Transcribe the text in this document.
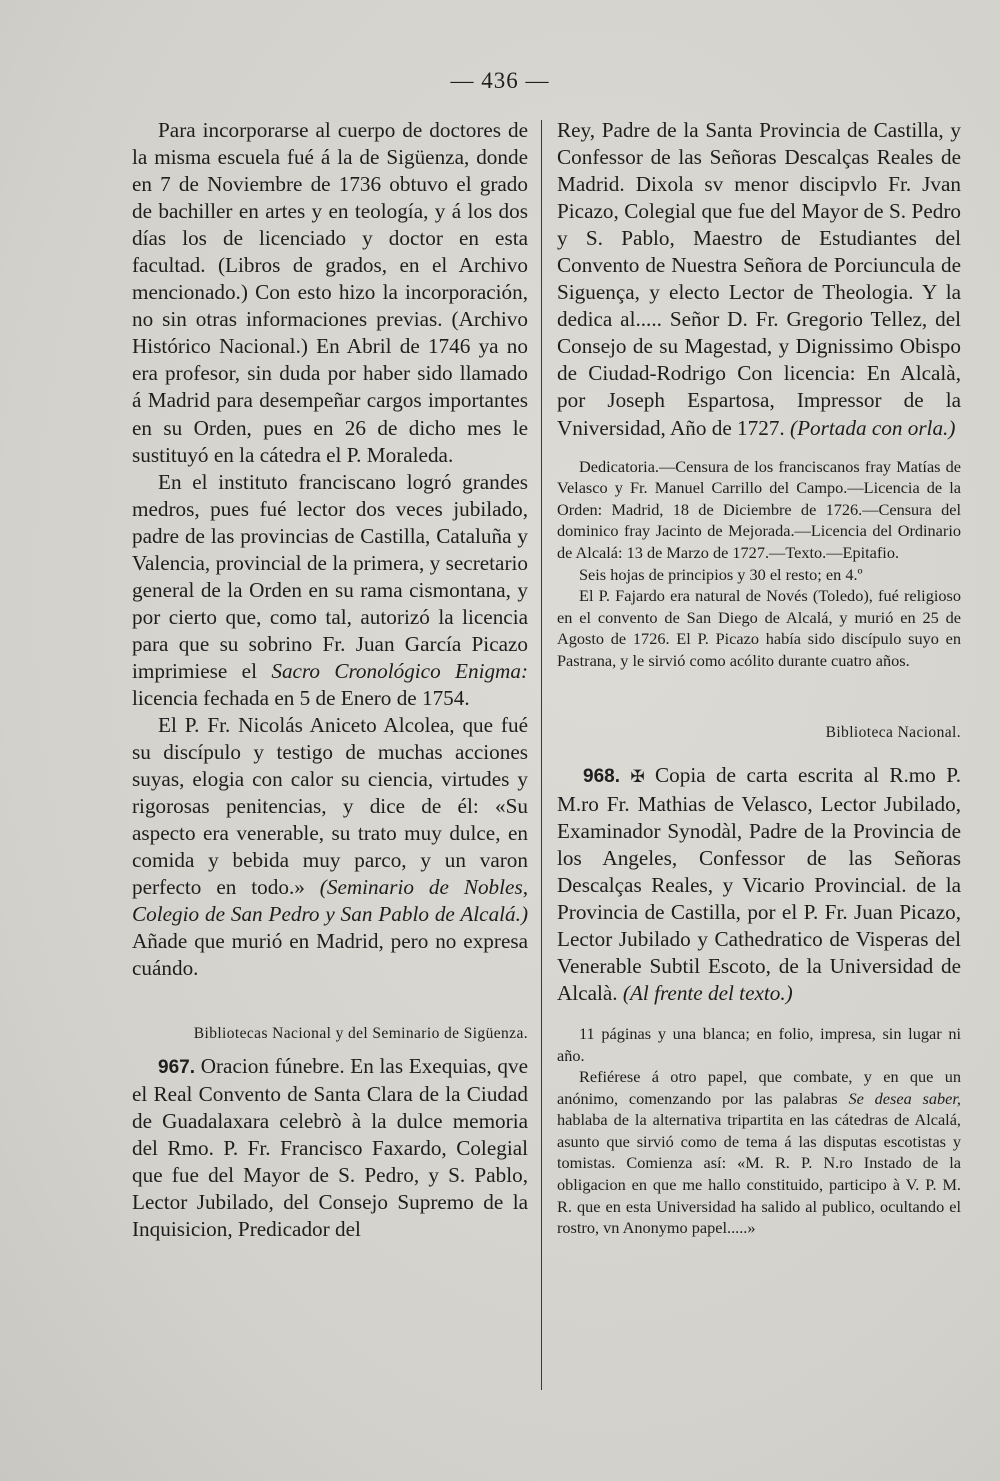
— 436 —

Para incorporarse al cuerpo de doctores de la misma escuela fué á la de Sigüenza, donde en 7 de Noviembre de 1736 obtuvo el grado de bachiller en artes y en teología, y á los dos días los de licenciado y doctor en esta facultad. (Libros de grados, en el Archivo mencionado.) Con esto hizo la incorporación, no sin otras informaciones previas. (Archivo Histórico Nacional.) En Abril de 1746 ya no era profesor, sin duda por haber sido llamado á Madrid para desempeñar cargos importantes en su Orden, pues en 26 de dicho mes le sustituyó en la cátedra el P. Moraleda.

En el instituto franciscano logró grandes medros, pues fué lector dos veces jubilado, padre de las provincias de Castilla, Cataluña y Valencia, provincial de la primera, y secretario general de la Orden en su rama cismontana, y por cierto que, como tal, autorizó la licencia para que su sobrino Fr. Juan García Picazo imprimiese el Sacro Cronológico Enigma: licencia fechada en 5 de Enero de 1754.

El P. Fr. Nicolás Aniceto Alcolea, que fué su discípulo y testigo de muchas acciones suyas, elogia con calor su ciencia, virtudes y rigorosas penitencias, y dice de él: «Su aspecto era venerable, su trato muy dulce, en comida y bebida muy parco, y un varon perfecto en todo.» (Seminario de Nobles, Colegio de San Pedro y San Pablo de Alcalá.) Añade que murió en Madrid, pero no expresa cuándo.

Bibliotecas Nacional y del Seminario de Sigüenza.

967. Oracion fúnebre. En las Exequias, qve el Real Convento de Santa Clara de la Ciudad de Guadalaxara celebrò à la dulce memoria del Rmo. P. Fr. Francisco Faxardo, Colegial que fue del Mayor de S. Pedro, y S. Pablo, Lector Jubilado, del Consejo Supremo de la Inquisicion, Predicador del

Rey, Padre de la Santa Provincia de Castilla, y Confessor de las Señoras Descalças Reales de Madrid. Dixola sv menor discipvlo Fr. Jvan Picazo, Colegial que fue del Mayor de S. Pedro y S. Pablo, Maestro de Estudiantes del Convento de Nuestra Señora de Porciuncula de Siguença, y electo Lector de Theologia. Y la dedica al..... Señor D. Fr. Gregorio Tellez, del Consejo de su Magestad, y Dignissimo Obispo de Ciudad-Rodrigo Con licencia: En Alcalà, por Joseph Espartosa, Impressor de la Vniversidad, Año de 1727. (Portada con orla.)

Dedicatoria.—Censura de los franciscanos fray Matías de Velasco y Fr. Manuel Carrillo del Campo.—Licencia de la Orden: Madrid, 18 de Diciembre de 1726.—Censura del dominico fray Jacinto de Mejorada.—Licencia del Ordinario de Alcalá: 13 de Marzo de 1727.—Texto.—Epitafio.

Seis hojas de principios y 30 el resto; en 4.º

El P. Fajardo era natural de Novés (Toledo), fué religioso en el convento de San Diego de Alcalá, y murió en 25 de Agosto de 1726. El P. Picazo había sido discípulo suyo en Pastrana, y le sirvió como acólito durante cuatro años.

Biblioteca Nacional.

968. ✠ Copia de carta escrita al R.mo P. M.ro Fr. Mathias de Velasco, Lector Jubilado, Examinador Synodàl, Padre de la Provincia de los Angeles, Confessor de las Señoras Descalças Reales, y Vicario Provincial. de la Provincia de Castilla, por el P. Fr. Juan Picazo, Lector Jubilado y Cathedratico de Visperas del Venerable Subtil Escoto, de la Universidad de Alcalà. (Al frente del texto.)

11 páginas y una blanca; en folio, impresa, sin lugar ni año.

Refiérese á otro papel, que combate, y en que un anónimo, comenzando por las palabras Se desea saber, hablaba de la alternativa tripartita en las cátedras de Alcalá, asunto que sirvió como de tema á las disputas escotistas y tomistas. Comienza así: «M. R. P. N.ro Instado de la obligacion en que me hallo constituido, participo à V. P. M. R. que en esta Universidad ha salido al publico, ocultando el rostro, vn Anonymo papel.....»
